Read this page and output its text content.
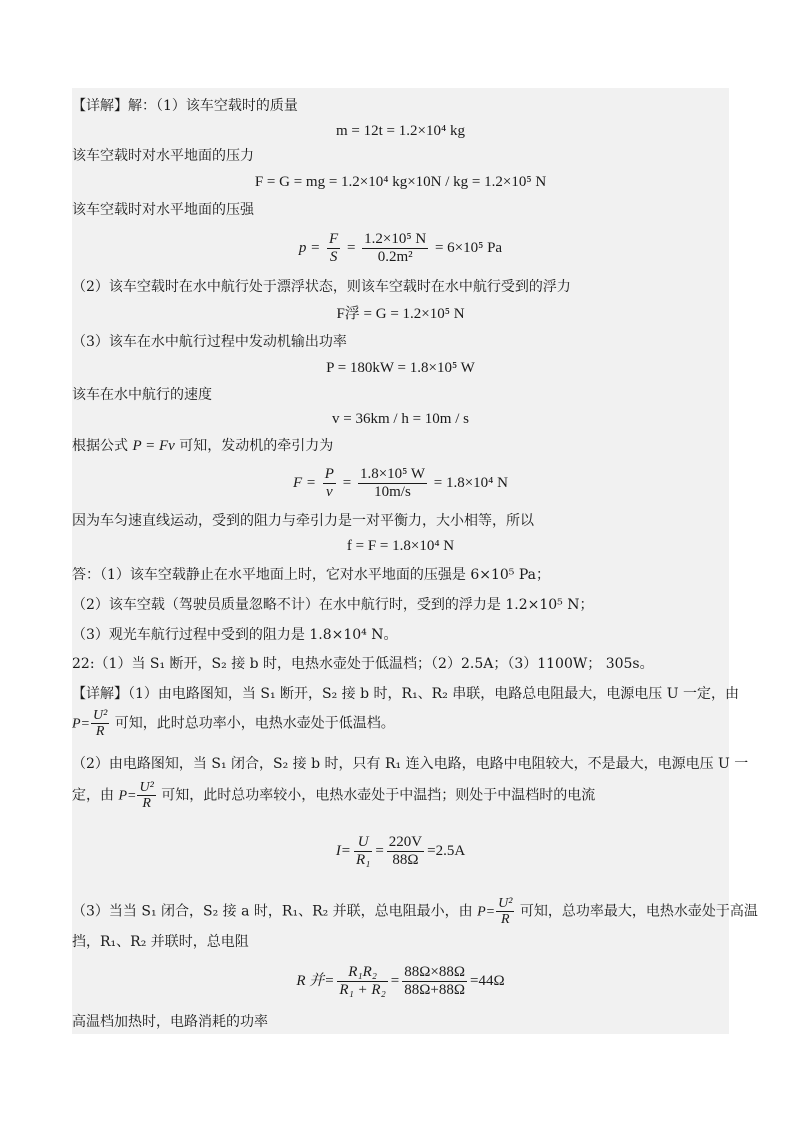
【详解】解：（1）该车空载时的质量
m = 12t = 1.2×10⁴ kg
该车空载时对水平地面的压力
F = G = mg = 1.2×10⁴ kg×10N / kg = 1.2×10⁵ N
该车空载时对水平地面的压强
$p = \frac{F}{S} = \frac{\text{1.2×10⁵ N}}{\text{0.2m²}} = 6\times 10^5$ Pa
（2）该车空载时在水中航行处于漂浮状态，则该车空载时在水中航行受到的浮力
F浮 = G = 1.2×10⁵ N
（3）该车在水中航行过程中发动机输出功率
P = 180kW = 1.8×10⁵ W
该车在水中航行的速度
v = 36km / h = 10m / s
根据公式 P = Fv 可知，发动机的牵引力为
$F = \frac{P}{v} = \frac{\text{1.8×10⁵ W}}{10m/s} = 1.8\times 10^4$ N
因为车匀速直线运动，受到的阻力与牵引力是一对平衡力，大小相等，所以
f = F = 1.8×10⁴ N
答：（1）该车空载静止在水平地面上时，它对水平地面的压强是 6×10⁵ Pa；
（2）该车空载（驾驶员质量忽略不计）在水中航行时，受到的浮力是 1.2×10⁵ N；
（3）观光车航行过程中受到的阻力是 1.8×10⁴ N。
22:（1）当 S₁ 断开，S₂ 接 b 时，电热水壶处于低温档；（2）2.5A；（3）1100W； 305s。
【详解】（1）由电路图知，当 S₁ 断开，S₂ 接 b 时，R₁、R₂ 串联，电路总电阻最大，电源电压 U 一定，由
$P= \frac{\text{U²}}{R}$ 可知，此时总功率小，电热水壶处于低温档。
（2）由电路图知，当 S₁ 闭合，S₂ 接 b 时，只有 R₁ 连入电路，电路中电阻较大，不是最大，电源电压 U 一
定，由 $P= \frac{\text{U²}}{R}$ 可知，此时总功率较小，电热水壶处于中温挡；则处于中温档时的电流
$I= \frac{U}{\text{R₁}} = \frac{220V}{88\Omega} =2.5A$
（3）当当 S₁ 闭合，S₂ 接 a 时，R₁、R₂ 并联，总电阻最小，由 $P= \frac{\text{U²}}{R}$ 可知，总功率最大，电热水壶处于高温
挡，R₁、R₂ 并联时，总电阻
R 并= $\frac{\text{R₁R₂}}{\text{R₁ + R₂}} = \frac{88\Omega\times 88\Omega}{88\Omega+88\Omega} =44\Omega$
高温档加热时，电路消耗的功率
